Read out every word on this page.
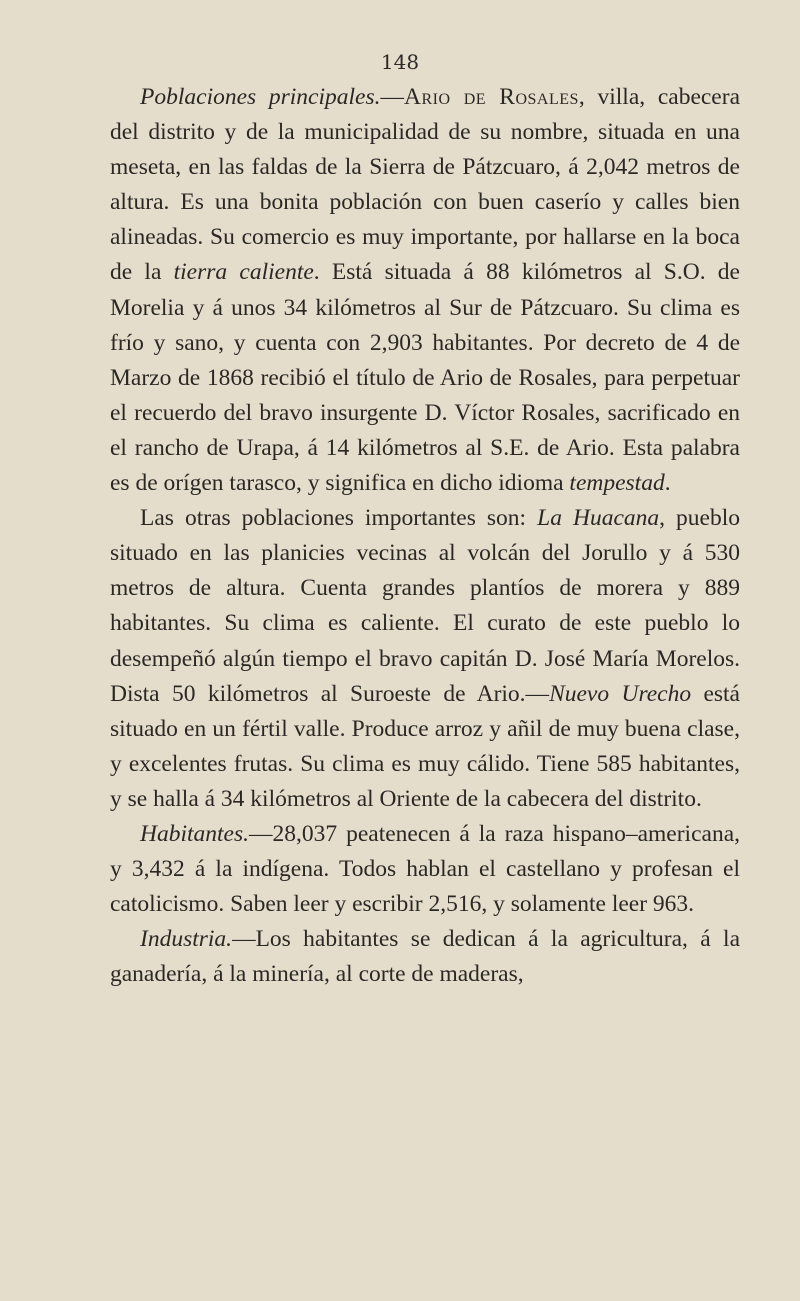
148

Poblaciones principales.—Ario de Rosales, villa, cabecera del distrito y de la municipalidad de su nombre, situada en una meseta, en las faldas de la Sierra de Pátzcuaro, á 2,042 metros de altura. Es una bonita población con buen caserío y calles bien alineadas. Su comercio es muy importante, por hallarse en la boca de la tierra caliente. Está situada á 88 kilómetros al S.O. de Morelia y á unos 34 kilómetros al Sur de Pátzcuaro. Su clima es frío y sano, y cuenta con 2,903 habitantes. Por decreto de 4 de Marzo de 1868 recibió el título de Ario de Rosales, para perpetuar el recuerdo del bravo insurgente D. Víctor Rosales, sacrificado en el rancho de Urapa, á 14 kilómetros al S.E. de Ario. Esta palabra es de orígen tarasco, y significa en dicho idioma tempestad.

Las otras poblaciones importantes son: La Huacana, pueblo situado en las planicies vecinas al volcán del Jorullo y á 530 metros de altura. Cuenta grandes plantíos de morera y 889 habitantes. Su clima es caliente. El curato de este pueblo lo desempeñó algún tiempo el bravo capitán D. José María Morelos. Dista 50 kilómetros al Suroeste de Ario.—Nuevo Urecho está situado en un fértil valle. Produce arroz y añil de muy buena clase, y excelentes frutas. Su clima es muy cálido. Tiene 585 habitantes, y se halla á 34 kilómetros al Oriente de la cabecera del distrito.

Habitantes.—28,037 peatenecen á la raza hispano–americana, y 3,432 á la indígena. Todos hablan el castellano y profesan el catolicismo. Saben leer y escribir 2,516, y solamente leer 963.

Industria.—Los habitantes se dedican á la agricultura, á la ganadería, á la minería, al corte de maderas,
